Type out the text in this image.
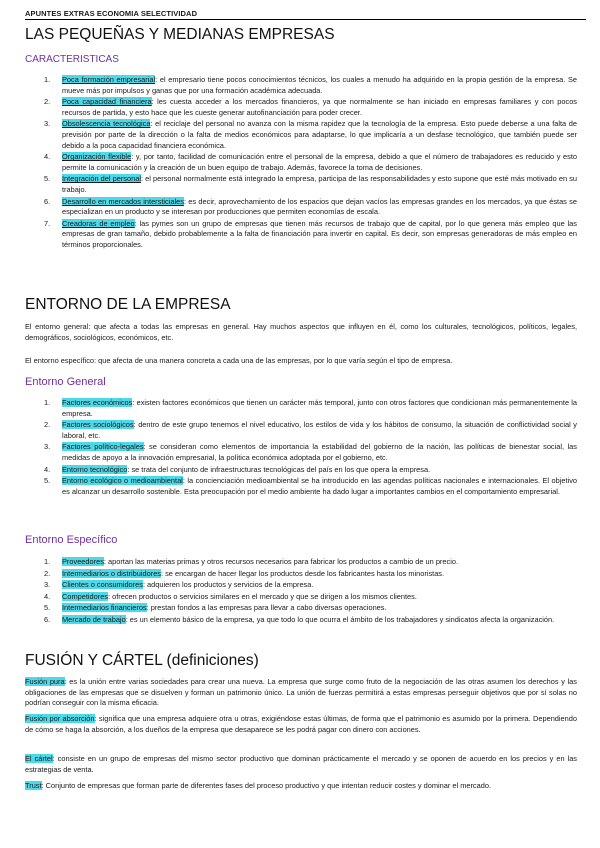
APUNTES EXTRAS ECONOMIA SELECTIVIDAD
LAS PEQUEÑAS Y MEDIANAS EMPRESAS
CARACTERISTICAS
1. Poca formación empresarial: el empresario tiene pocos conocimientos técnicos, los cuales a menudo ha adquirido en la propia gestión de la empresa. Se mueve más por impulsos y ganas que por una formación académica adecuada.
2. Poca capacidad financiera: les cuesta acceder a los mercados financieros, ya que normalmente se han iniciado en empresas familiares y con pocos recursos de partida, y esto hace que les cueste generar autofinanciación para poder crecer.
3. Obsolescencia tecnológica: el reciclaje del personal no avanza con la misma rapidez que la tecnología de la empresa. Esto puede deberse a una falta de previsión por parte de la dirección o la falta de medios económicos para adaptarse, lo que implicaría a un desfase tecnológico, que también puede ser debido a la poca capacidad financiera económica.
4. Organización flexible: y, por tanto, facilidad de comunicación entre el personal de la empresa, debido a que el número de trabajadores es reducido y esto permite la comunicación y la creación de un buen equipo de trabajo. Además, favorece la toma de decisiones.
5. Integración del personal: el personal normalmente está integrado la empresa, participa de las responsabilidades y esto supone que esté más motivado en su trabajo.
6. Desarrollo en mercados intersticiales: es decir, aprovechamiento de los espacios que dejan vacíos las empresas grandes en los mercados, ya que éstas se especializan en un producto y se interesan por producciones que permiten economías de escala.
7. Creadoras de empleo: las pymes son un grupo de empresas que tienen más recursos de trabajo que de capital, por lo que genera más empleo que las empresas de gran tamaño, debido probablemente a la falta de financiación para invertir en capital. Es decir, son empresas generadoras de más empleo en términos proporcionales.
ENTORNO DE LA EMPRESA

El entorno general: que afecta a todas las empresas en general. Hay muchos aspectos que influyen en él, como los culturales, tecnológicos, políticos, legales, demográficos, sociológicos, económicos, etc.

El entorno específico: que afecta de una manera concreta a cada una de las empresas, por lo que varía según el tipo de empresa.

Entorno General
1. Factores económicos: existen factores económicos que tienen un carácter más temporal, junto con otros factores que condicionan más permanentemente la empresa.
2. Factores sociológicos: dentro de este grupo tenemos el nivel educativo, los estilos de vida y los hábitos de consumo, la situación de conflictividad social y laboral, etc.
3. Factores político-legales: se consideran como elementos de importancia la estabilidad del gobierno de la nación, las políticas de bienestar social, las medidas de apoyo a la innovación empresarial, la política económica adoptada por el gobierno, etc.
4. Entorno tecnológico: se trata del conjunto de infraestructuras tecnológicas del país en los que opera la empresa.
5. Entorno ecológico o medioambiental: la concienciación medioambiental se ha introducido en las agendas políticas nacionales e internacionales. El objetivo es alcanzar un desarrollo sostenible. Esta preocupación por el medio ambiente ha dado lugar a importantes cambios en el comportamiento empresarial.
Entorno Específico
1. Proveedores: aportan las materias primas y otros recursos necesarios para fabricar los productos a cambio de un precio.
2. Intermediarios o distribuidores: se encargan de hacer llegar los productos desde los fabricantes hasta los minoristas.
3. Clientes o consumidores: adquieren los productos y servicios de la empresa.
4. Competidores: ofrecen productos o servicios similares en el mercado y que se dirigen a los mismos clientes.
5. Intermediarios financieros: prestan fondos a las empresas para llevar a cabo diversas operaciones.
6. Mercado de trabajo: es un elemento básico de la empresa, ya que todo lo que ocurra el ámbito de los trabajadores y sindicatos afecta la organización.
FUSIÓN Y CÁRTEL (definiciones)
Fusión pura: es la unión entre varias sociedades para crear una nueva. La empresa que surge como fruto de la negociación de las otras asumen los derechos y las obligaciones de las empresas que se disuelven y forman un patrimonio único. La unión de fuerzas permitirá a estas empresas perseguir objetivos que por sí solas no podrían conseguir con la misma eficacia.
Fusión por absorción: significa que una empresa adquiere otra u otras, exigiéndose estas últimas, de forma que el patrimonio es asumido por la primera. Dependiendo de cómo se haga la absorción, a los dueños de la empresa que desaparece se les podrá pagar con dinero con acciones.
El cártel: consiste en un grupo de empresas del mismo sector productivo que dominan prácticamente el mercado y se oponen de acuerdo en los precios y en las estrategias de venta.
Trust: Conjunto de empresas que forman parte de diferentes fases del proceso productivo y que intentan reducir costes y dominar el mercado.
